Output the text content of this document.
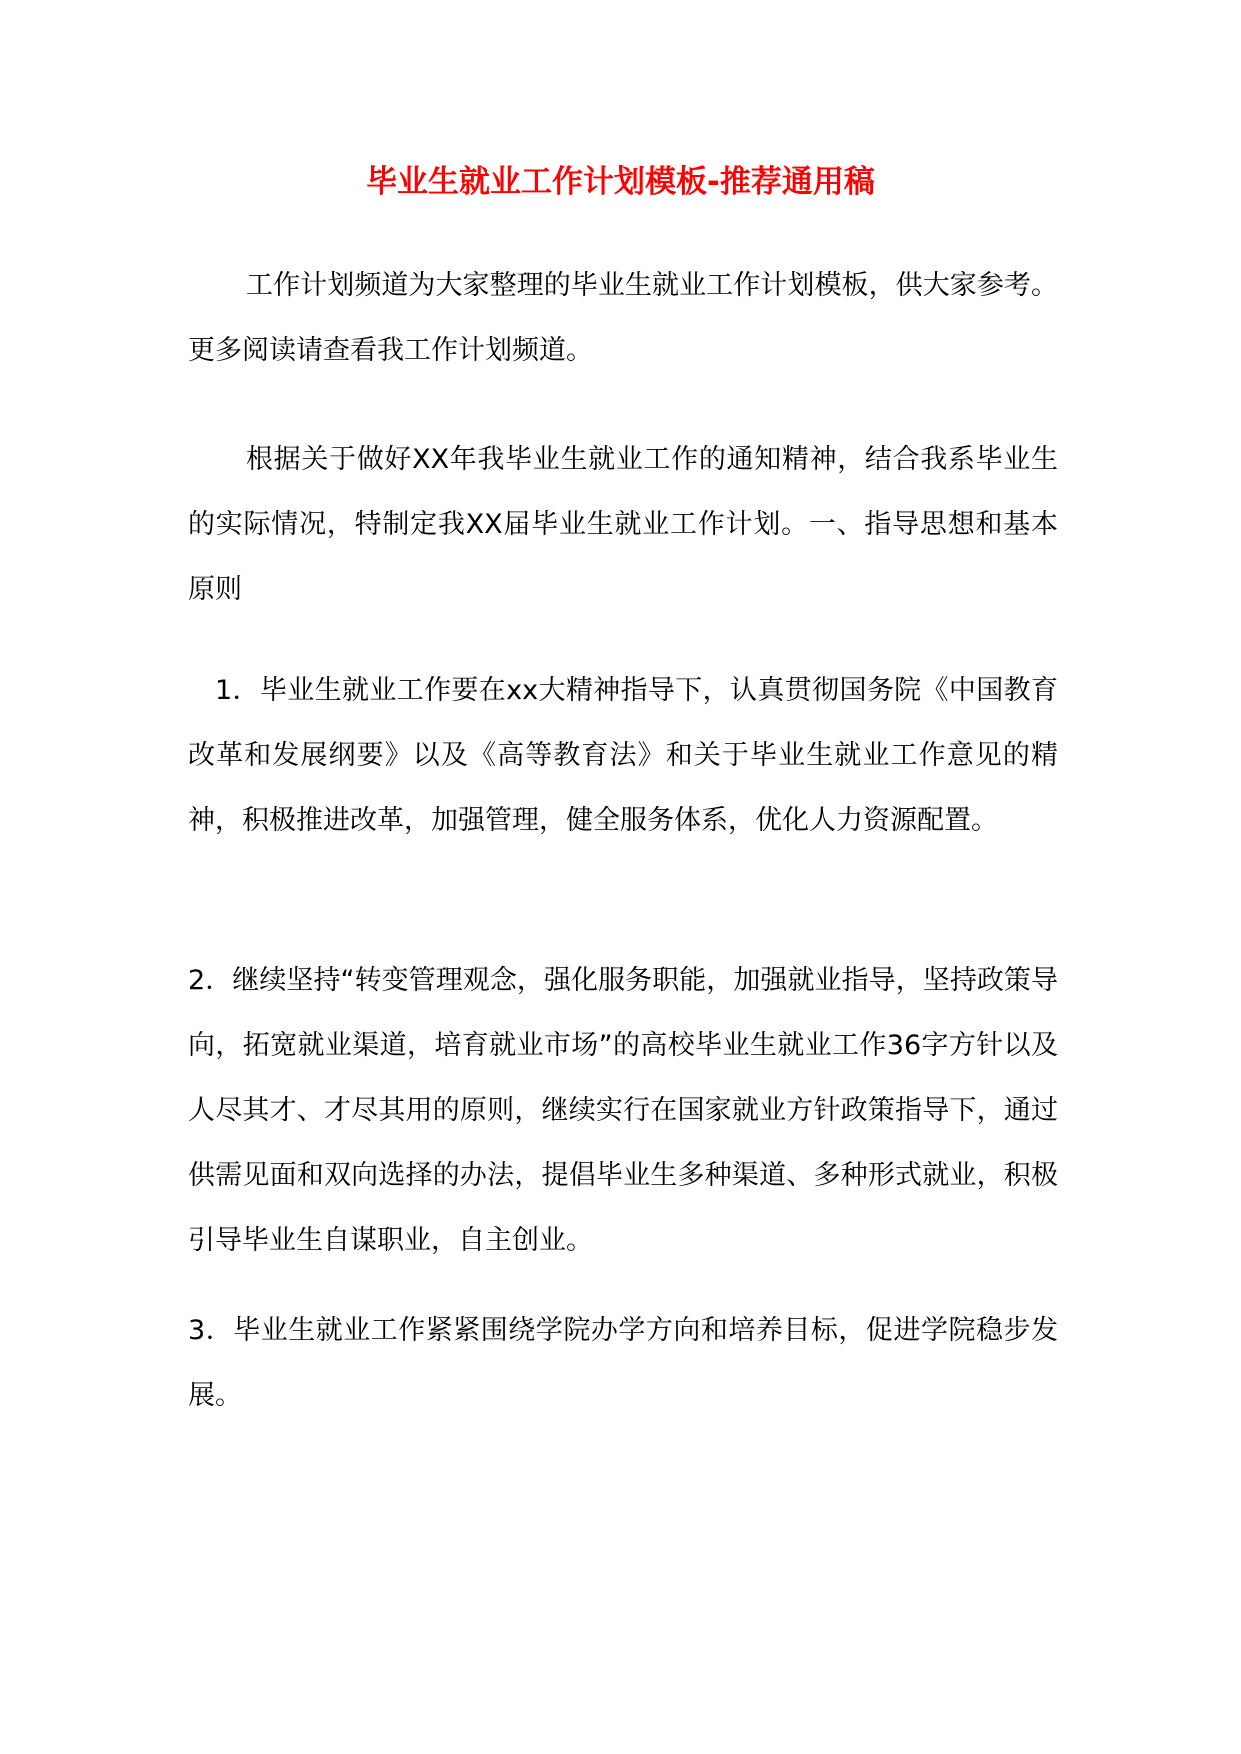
毕业生就业工作计划模板-推荐通用稿

工作计划频道为大家整理的毕业生就业工作计划模板，供大家参考。更多阅读请查看我工作计划频道。

根据关于做好XX年我毕业生就业工作的通知精神，结合我系毕业生的实际情况，特制定我XX届毕业生就业工作计划。一、指导思想和基本原则

1．毕业生就业工作要在xx大精神指导下，认真贯彻国务院《中国教育改革和发展纲要》以及《高等教育法》和关于毕业生就业工作意见的精神，积极推进改革，加强管理，健全服务体系，优化人力资源配置。

2．继续坚持“转变管理观念，强化服务职能，加强就业指导，坚持政策导向，拓宽就业渠道，培育就业市场”的高校毕业生就业工作36字方针以及人尽其才、才尽其用的原则，继续实行在国家就业方针政策指导下，通过供需见面和双向选择的办法，提倡毕业生多种渠道、多种形式就业，积极引导毕业生自谋职业，自主创业。

3．毕业生就业工作紧紧围绕学院办学方向和培养目标，促进学院稳步发展。
